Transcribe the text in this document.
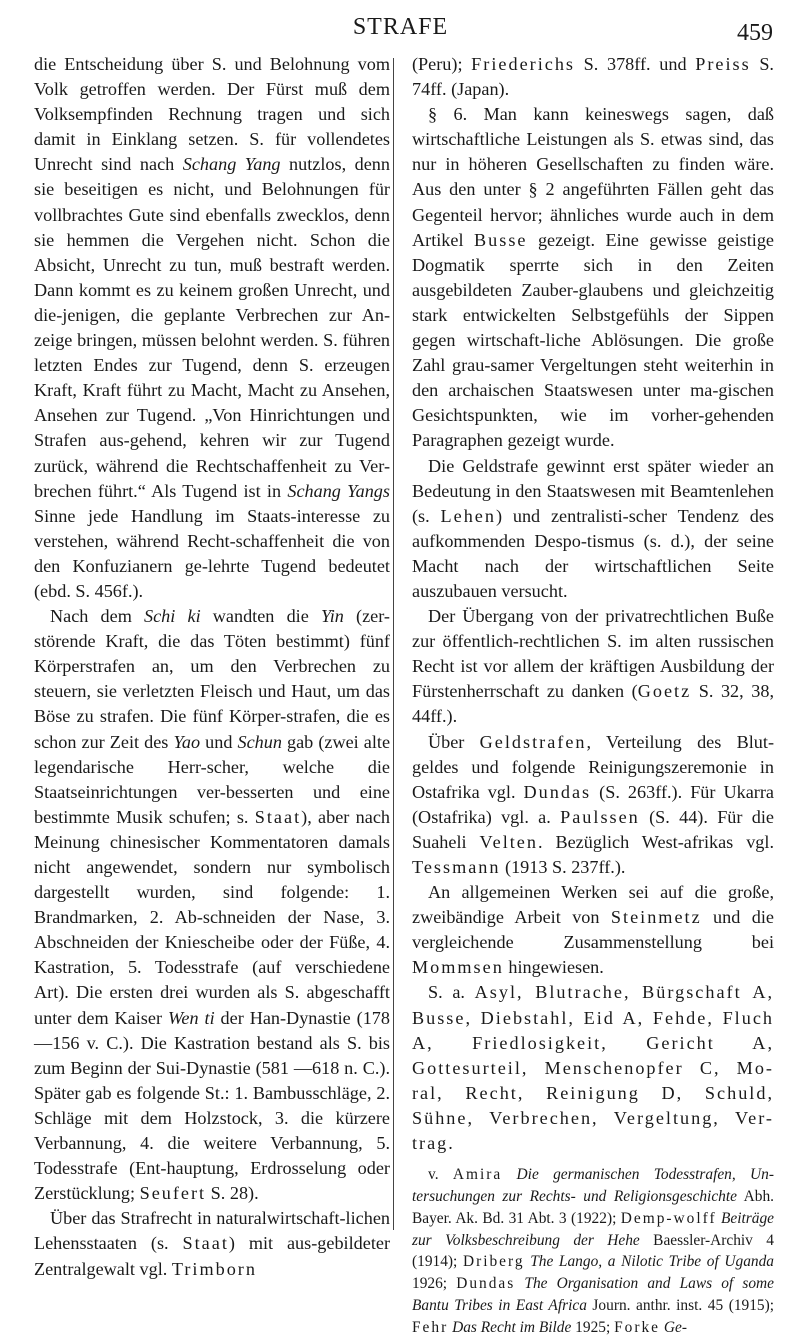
STRAFE	459

die Entscheidung über S. und Belohnung vom Volk getroffen werden. Der Fürst muß dem Volksempfinden Rechnung tragen und sich damit in Einklang setzen. S. für vollendetes Unrecht sind nach Schang Yang nutzlos, denn sie beseitigen es nicht, und Belohnungen für vollbrachtes Gute sind ebenfalls zwecklos, denn sie hemmen die Vergehen nicht. Schon die Absicht, Unrecht zu tun, muß bestraft werden. Dann kommt es zu keinem großen Unrecht, und die-jenigen, die geplante Verbrechen zur An-zeige bringen, müssen belohnt werden. S. führen letzten Endes zur Tugend, denn S. erzeugen Kraft, Kraft führt zu Macht, Macht zu Ansehen, Ansehen zur Tugend. „Von Hinrichtungen und Strafen aus-gehend, kehren wir zur Tugend zurück, während die Rechtschaffenheit zu Ver-brechen führt.“ Als Tugend ist in Schang Yangs Sinne jede Handlung im Staats-interesse zu verstehen, während Recht-schaffenheit die von den Konfuzianern ge-lehrte Tugend bedeutet (ebd. S. 456f.).

Nach dem Schi ki wandten die Yin (zer-störende Kraft, die das Töten bestimmt) fünf Körperstrafen an, um den Verbrechen zu steuern, sie verletzten Fleisch und Haut, um das Böse zu strafen. Die fünf Körper-strafen, die es schon zur Zeit des Yao und Schun gab (zwei alte legendarische Herr-scher, welche die Staatseinrichtungen ver-besserten und eine bestimmte Musik schufen; s. Staat), aber nach Meinung chinesischer Kommentatoren damals nicht angewendet, sondern nur symbolisch dargestellt wurden, sind folgende: 1. Brandmarken, 2. Ab-schneiden der Nase, 3. Abschneiden der Kniescheibe oder der Füße, 4. Kastration, 5. Todesstrafe (auf verschiedene Art). Die ersten drei wurden als S. abgeschafft unter dem Kaiser Wen ti der Han-Dynastie (178 —156 v. C.). Die Kastration bestand als S. bis zum Beginn der Sui-Dynastie (581 —618 n. C.). Später gab es folgende St.: 1. Bambusschläge, 2. Schläge mit dem Holzstock, 3. die kürzere Verbannung, 4. die weitere Verbannung, 5. Todesstrafe (Ent-hauptung, Erdrosselung oder Zerstücklung; Seufert S. 28).

Über das Strafrecht in naturalwirtschaft-lichen Lehensstaaten (s. Staat) mit aus-gebildeter Zentralgewalt vgl. Trimborn

(Peru); Friederichs S. 378ff. und Preiss S. 74ff. (Japan).

§ 6. Man kann keineswegs sagen, daß wirtschaftliche Leistungen als S. etwas sind, das nur in höheren Gesellschaften zu finden wäre. Aus den unter § 2 angeführten Fällen geht das Gegenteil hervor; ähnliches wurde auch in dem Artikel Busse gezeigt. Eine gewisse geistige Dogmatik sperrte sich in den Zeiten ausgebildeten Zauber-glaubens und gleichzeitig stark entwickelten Selbstgefühls der Sippen gegen wirtschaft-liche Ablösungen. Die große Zahl grau-samer Vergeltungen steht weiterhin in den archaischen Staatswesen unter ma-gischen Gesichtspunkten, wie im vorher-gehenden Paragraphen gezeigt wurde.

Die Geldstrafe gewinnt erst später wieder an Bedeutung in den Staatswesen mit Beamtenlehen (s. Lehen) und zentralisti-scher Tendenz des aufkommenden Despo-tismus (s. d.), der seine Macht nach der wirtschaftlichen Seite auszubauen versucht.

Der Übergang von der privatrechtlichen Buße zur öffentlich-rechtlichen S. im alten russischen Recht ist vor allem der kräftigen Ausbildung der Fürstenherrschaft zu danken (Goetz S. 32, 38, 44ff.).

Über Geldstrafen, Verteilung des Blut-geldes und folgende Reinigungszeremonie in Ostafrika vgl. Dundas (S. 263ff.). Für Ukarra (Ostafrika) vgl. a. Paulssen (S. 44). Für die Suaheli Velten. Bezüglich West-afrikas vgl. Tessmann (1913 S. 237ff.).

An allgemeinen Werken sei auf die große, zweibändige Arbeit von Steinmetz und die vergleichende Zusammenstellung bei Mommsen hingewiesen.

S. a. Asyl, Blutrache, Bürgschaft A, Busse, Diebstahl, Eid A, Fehde, Fluch A, Friedlosigkeit, Gericht A, Gottesurteil, Menschenopfer C, Mo-ral, Recht, Reinigung D, Schuld, Sühne, Verbrechen, Vergeltung, Ver-trag.

v. Amira Die germanischen Todesstrafen, Un-tersuchungen zur Rechts- und Religionsgeschichte Abh. Bayer. Ak. Bd. 31 Abt. 3 (1922); Demp-wolff Beiträge zur Volksbeschreibung der Hehe Baessler-Archiv 4 (1914); Driberg The Lango, a Nilotic Tribe of Uganda 1926; Dundas The Organisation and Laws of some Bantu Tribes in East Africa Journ. anthr. inst. 45 (1915); Fehr Das Recht im Bilde 1925; Forke Ge-
